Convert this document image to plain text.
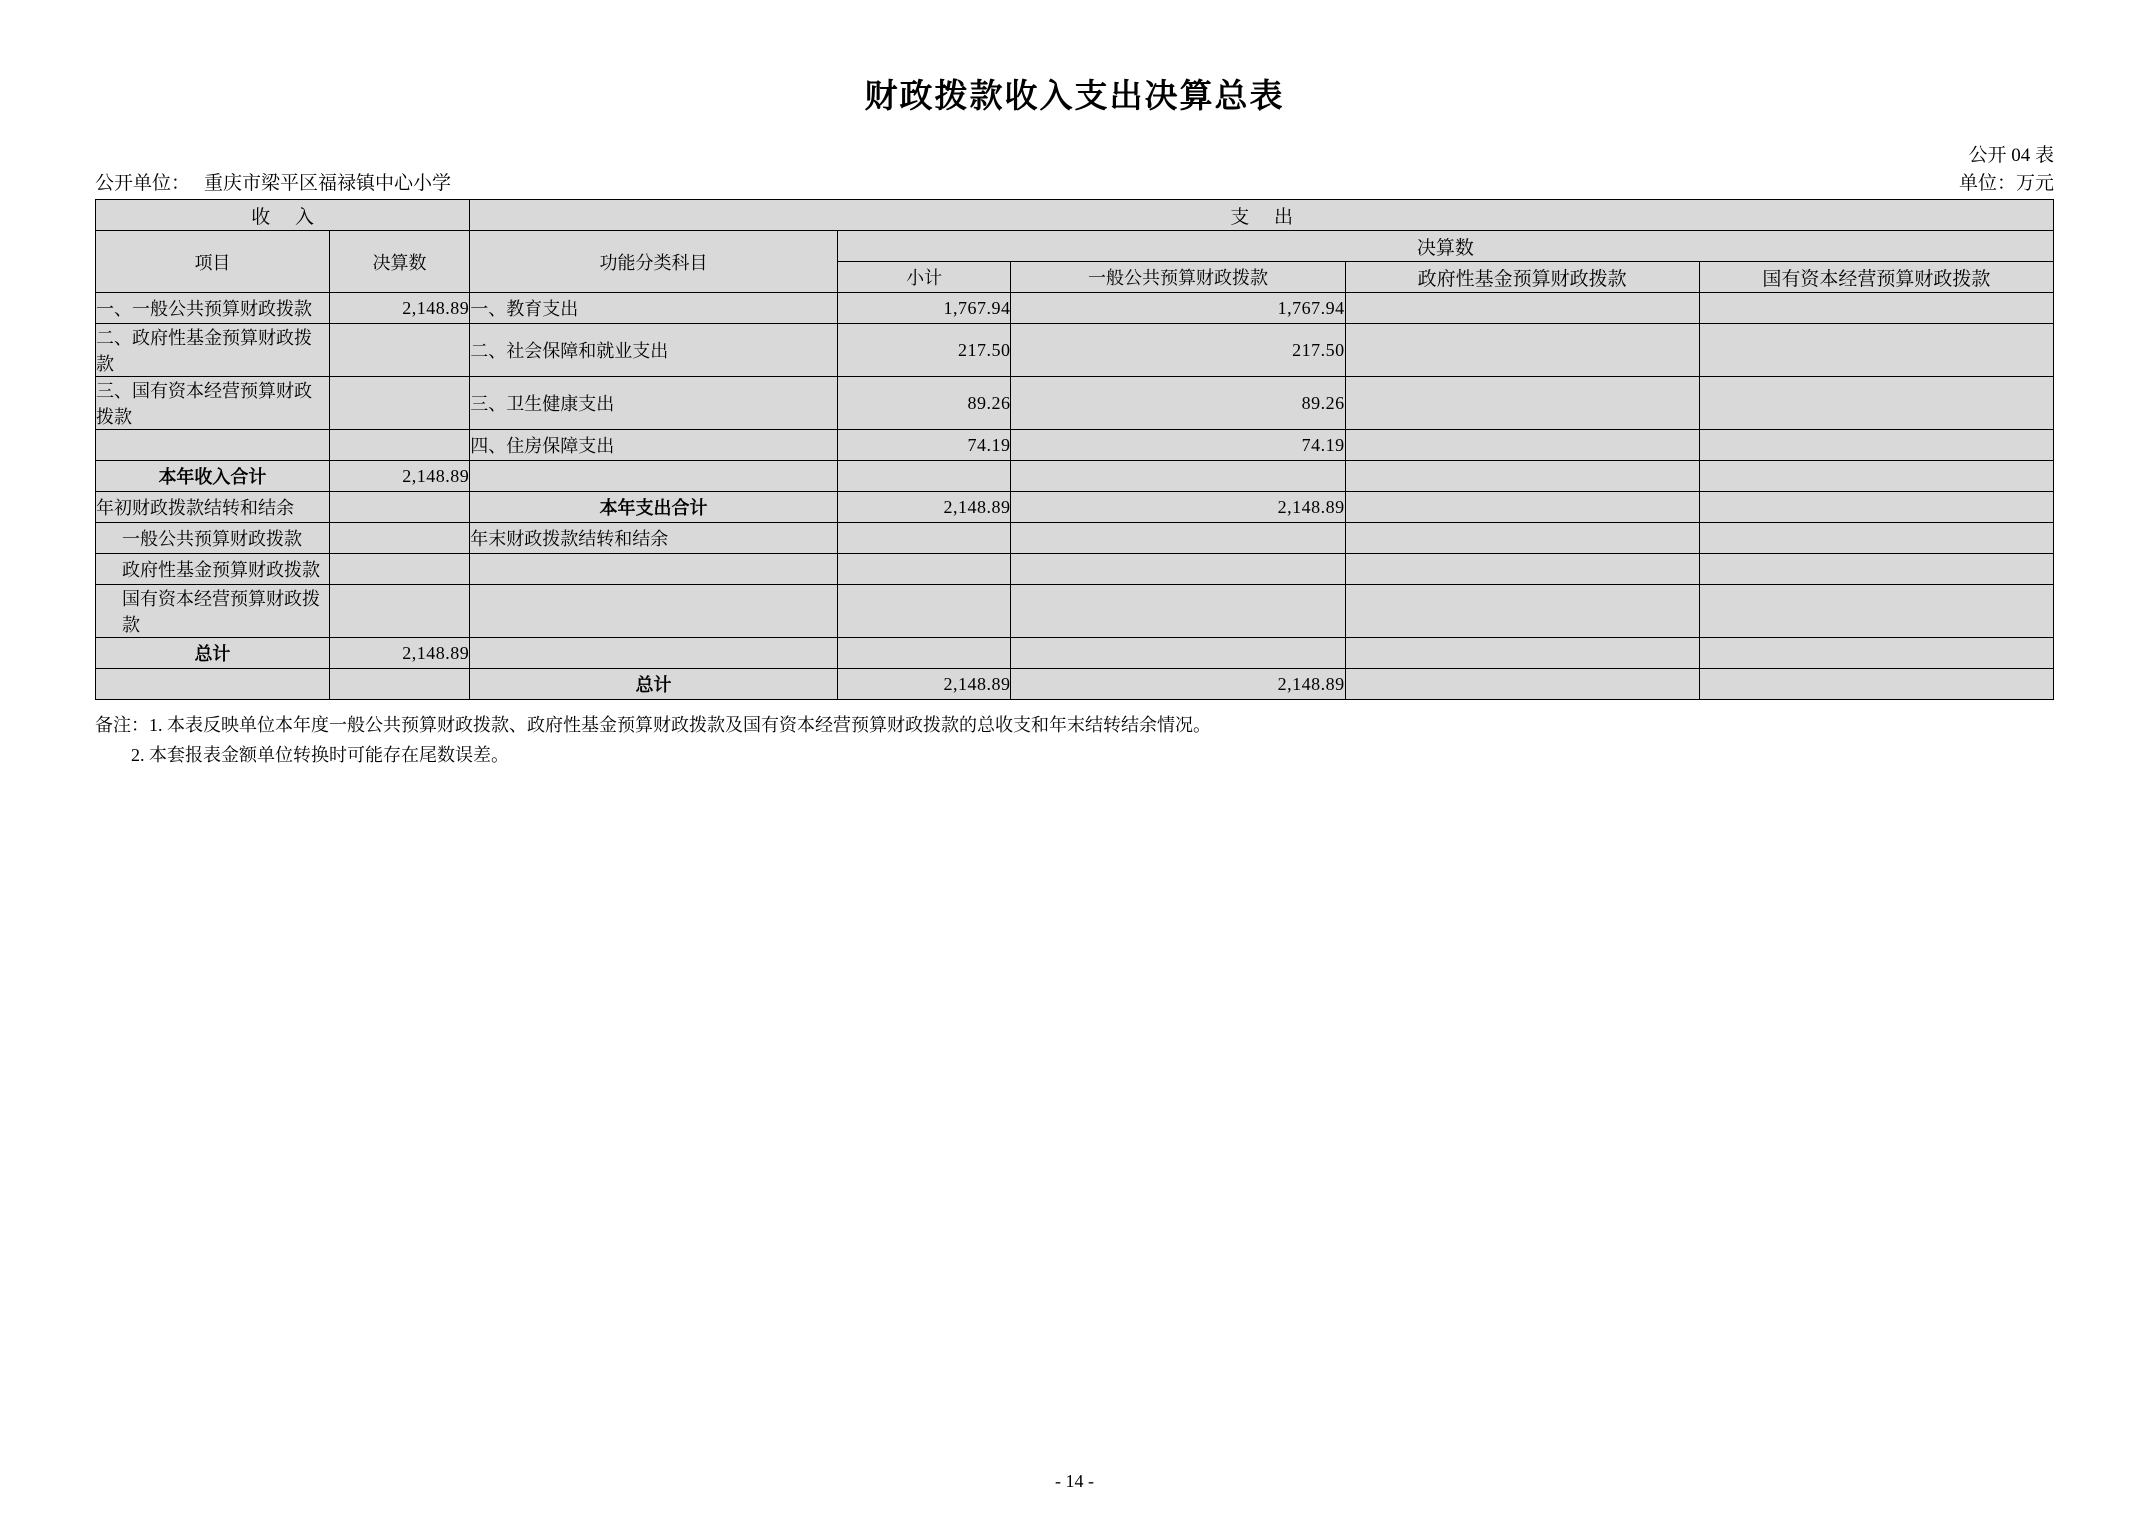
财政拨款收入支出决算总表
公开 04 表
公开单位： 重庆市梁平区福禄镇中心小学	单位：万元
收 入		支 出				
项目	决算数	功能分类科目	决算数			
			小计	一般公共预算财政拨款	政府性基金预算财政拨款	国有资本经营预算财政拨款
一、一般公共预算财政拨款	2,148.89	一、教育支出	1,767.94	1,767.94		
二、政府性基金预算财政拨款		二、社会保障和就业支出	217.50	217.50		
三、国有资本经营预算财政拨款		三、卫生健康支出	89.26	89.26		
		四、住房保障支出	74.19	74.19		
本年收入合计	2,148.89					
年初财政拨款结转和结余		本年支出合计	2,148.89	2,148.89		
一般公共预算财政拨款		年末财政拨款结转和结余				
政府性基金预算财政拨款						
国有资本经营预算财政拨款						
总计	2,148.89					
		总计	2,148.89	2,148.89		
备注：1. 本表反映单位本年度一般公共预算财政拨款、政府性基金预算财政拨款及国有资本经营预算财政拨款的总收支和年末结转结余情况。
2. 本套报表金额单位转换时可能存在尾数误差。
- 14 -
